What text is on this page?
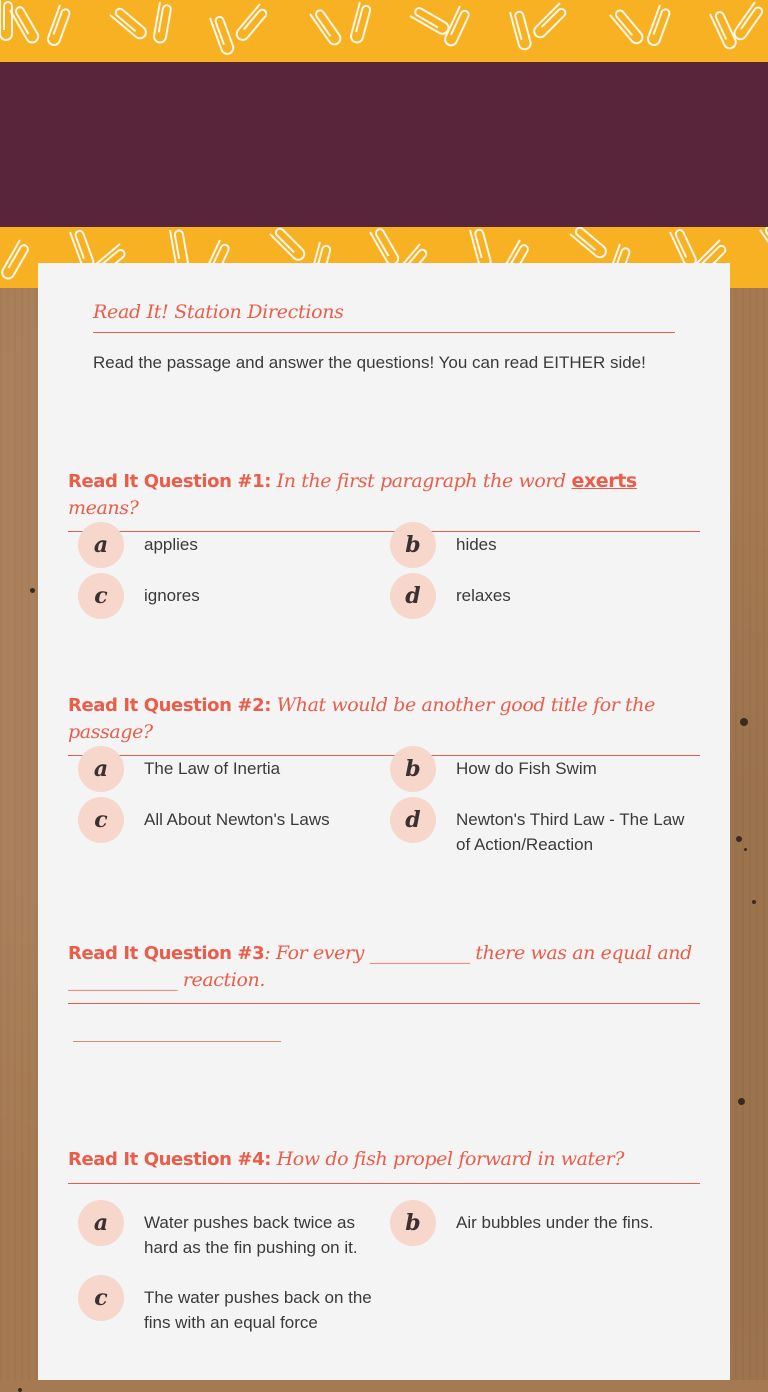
Read It! Station Directions
Read the passage and answer the questions! You can read EITHER side!
Read It Question #1: In the first paragraph the word exerts means?
a	applies	b	hides
c	ignores	d	relaxes
Read It Question #2: What would be another good title for the passage?
a	The Law of Inertia	b	How do Fish Swim
c	All About Newton's Laws	d	Newton's Third Law - The Law of Action/Reaction
Read It Question #3: For every ___________ there was an equal and ____________ reaction.
Read It Question #4: How do fish propel forward in water?
a	Water pushes back twice as hard as the fin pushing on it.
b	Air bubbles under the fins.
c	The water pushes back on the fins with an equal force
